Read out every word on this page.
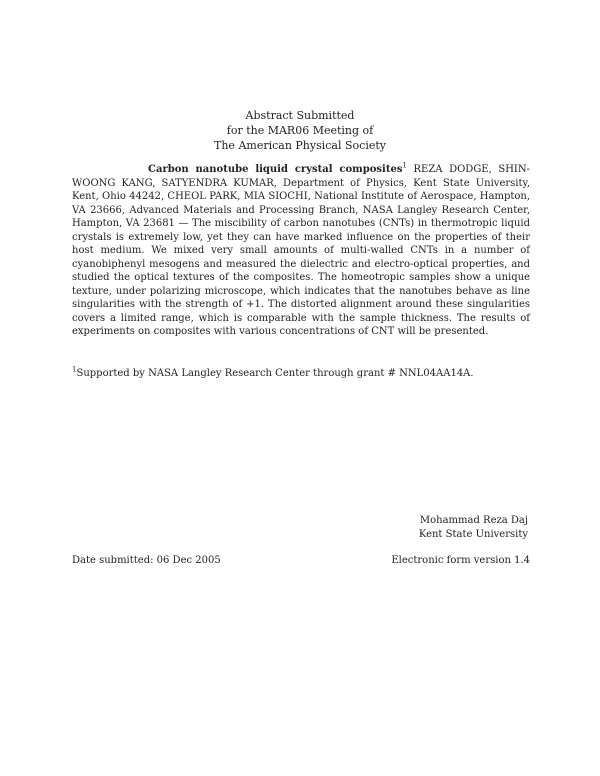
Abstract Submitted
for the MAR06 Meeting of
The American Physical Society
Carbon nanotube liquid crystal composites$^1$ REZA DODGE, SHIN-WOONG KANG, SATYENDRA KUMAR, Department of Physics, Kent State University, Kent, Ohio 44242, CHEOL PARK, MIA SIOCHI, National Institute of Aerospace, Hampton, VA 23666, Advanced Materials and Processing Branch, NASA Langley Research Center, Hampton, VA 23681 — The miscibility of carbon nanotubes (CNTs) in thermotropic liquid crystals is extremely low, yet they can have marked influence on the properties of their host medium. We mixed very small amounts of multi-walled CNTs in a number of cyanobiphenyl mesogens and measured the dielectric and electro-optical properties, and studied the optical textures of the composites. The homeotropic samples show a unique texture, under polarizing microscope, which indicates that the nanotubes behave as line singularities with the strength of +1. The distorted alignment around these singularities covers a limited range, which is comparable with the sample thickness. The results of experiments on composites with various concentrations of CNT will be presented.
$^1$Supported by NASA Langley Research Center through grant # NNL04AA14A.
Mohammad Reza Daj
Kent State University
Date submitted: 06 Dec 2005	Electronic form version 1.4
